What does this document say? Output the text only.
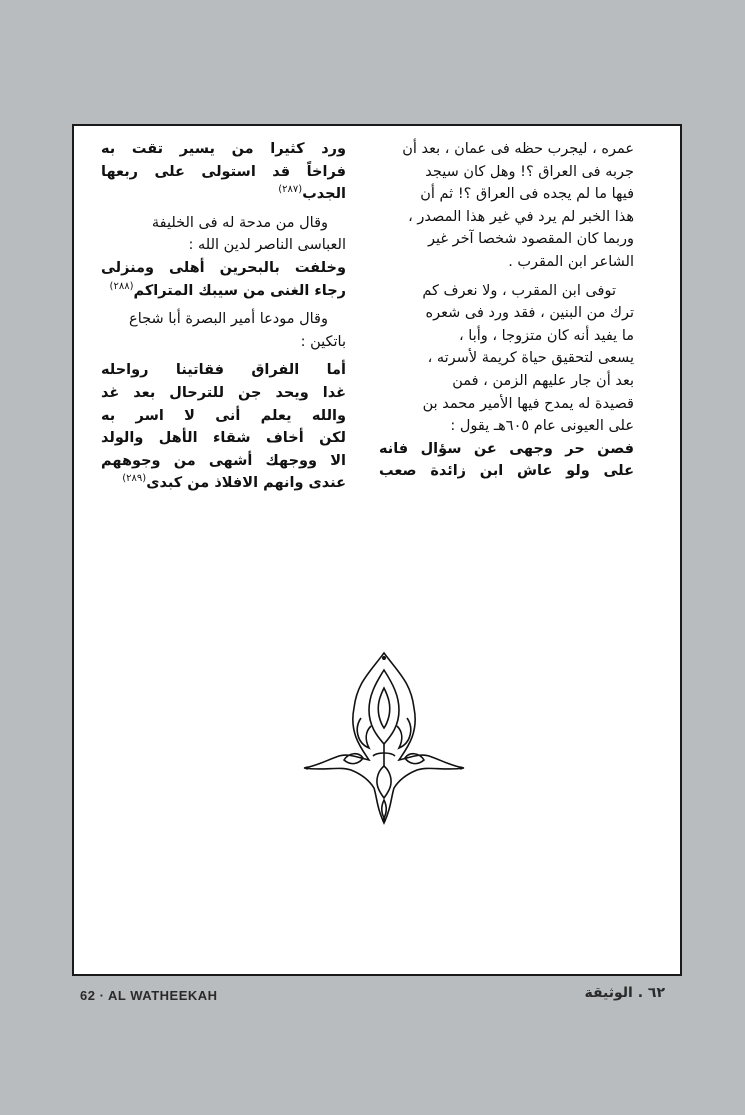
عمره ، ليجرب حظه فى عمان ، بعد أن

جربه فى العراق ؟! وهل كان سيجد

فيها ما لم يجده فى العراق ؟! ثم أن

هذا الخبر لم يرد في غير هذا المصدر ،

وربما كان المقصود شخصا آخر غير

الشاعر ابن المقرب .

توفى ابن المقرب ، ولا نعرف كم

ترك من البنين ، فقد ورد فى شعره

ما يفيد أنه كان متزوجا ، وأبا ،

يسعى لتحقيق حياة كريمة لأسرته ،

بعد أن جار عليهم الزمن ، فمن

قصيدة له يمدح فيها الأمير محمد بن

على العيونى عام ٦٠٥هـ يقول :

فصن حر وجهى عن سؤال فانه

على ولو عاش ابن زائدة صعب

ورد كثيرا من يسير تقت به

فراخاً قد استولى على ربعها

الجدب$^{(٢٨٧)}$

وقال من مدحة له فى الخليفة

العباسى الناصر لدين الله :

وخلفت بالبحرين أهلى ومنزلى

رجاء الغنى من سيبك المتراكم$^{(٢٨٨)}$

وقال مودعا أمير البصرة أبا شجاع

باتكين :

أما الفراق فقاتينا رواحله

غدا ويحد جن للترحال بعد غد

والله يعلم أنى لا اسر به

لكن أخاف شقاء الأهل والولد

الا ووجهك أشهى من وجوههم

عندى وانهم الافلاذ من كبدى$^{(٢٨٩)}$

62 · AL WATHEEKAH	٦٢ . الوثيقة
